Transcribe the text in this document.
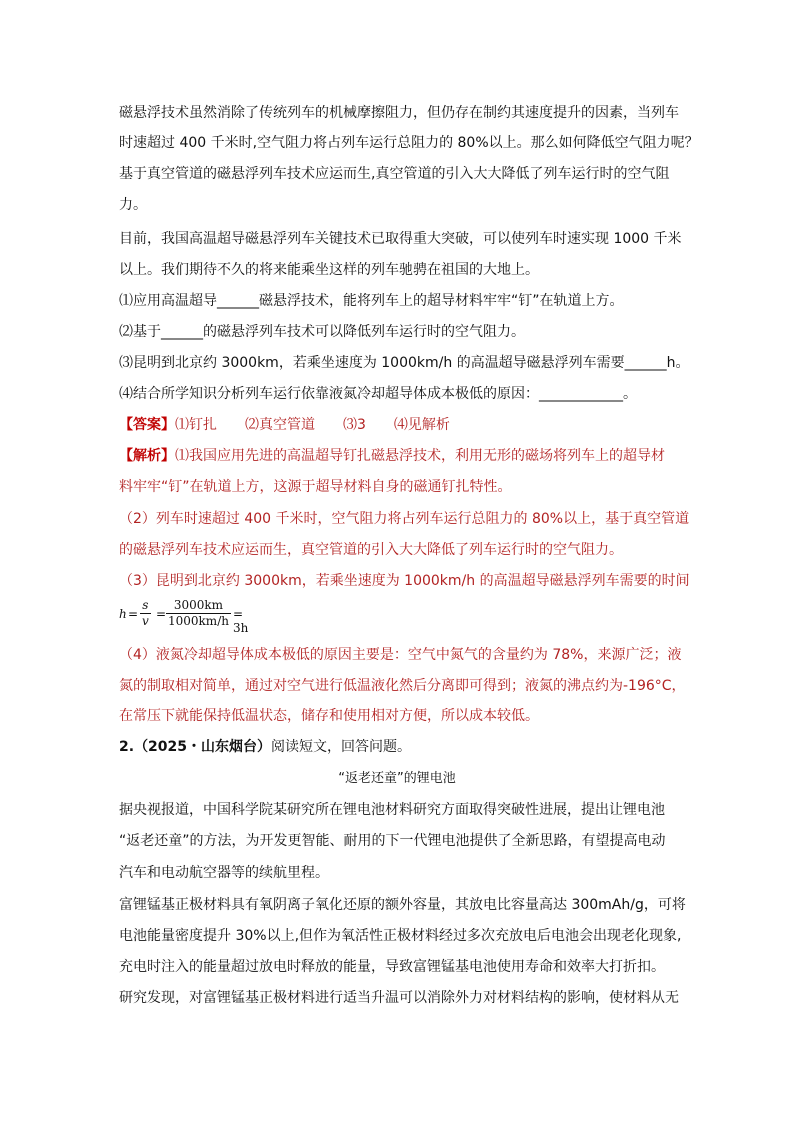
磁悬浮技术虽然消除了传统列车的机械摩擦阻力，但仍存在制约其速度提升的因素，当列车
时速超过 400 千米时,空气阻力将占列车运行总阻力的 80%以上。那么如何降低空气阻力呢？
基于真空管道的磁悬浮列车技术应运而生,真空管道的引入大大降低了列车运行时的空气阻
力。
目前，我国高温超导磁悬浮列车关键技术已取得重大突破，可以使列车时速实现 1000 千米
以上。我们期待不久的将来能乘坐这样的列车驰骋在祖国的大地上。
⑴应用高温超导______磁悬浮技术，能将列车上的超导材料牢牢“钉”在轨道上方。
⑵基于______的磁悬浮列车技术可以降低列车运行时的空气阻力。
⑶昆明到北京约 3000km，若乘坐速度为 1000km/h 的高温超导磁悬浮列车需要______h。
⑷结合所学知识分析列车运行依靠液氮冷却超导体成本极低的原因：____________。
【答案】⑴钉扎　　⑵真空管道　　⑶3　　⑷见解析
【解析】⑴我国应用先进的高温超导钉扎磁悬浮技术，利用无形的磁场将列车上的超导材
料牢牢“钉”在轨道上方，这源于超导材料自身的磁通钉扎特性。
（2）列车时速超过 400 千米时，空气阻力将占列车运行总阻力的 80%以上，基于真空管道
的磁悬浮列车技术应运而生，真空管道的引入大大降低了列车运行时的空气阻力。
（3）昆明到北京约 3000km，若乘坐速度为 1000km/h 的高温超导磁悬浮列车需要的时间
$h = \frac{s}{v} = \frac{3000km}{1000km/h} = 3h$
（4）液氮冷却超导体成本极低的原因主要是：空气中氮气的含量约为 78%，来源广泛；液
氮的制取相对简单，通过对空气进行低温液化然后分离即可得到；液氮的沸点约为-196°C，
在常压下就能保持低温状态，储存和使用相对方便，所以成本较低。
2.（2025・山东烟台）阅读短文，回答问题。
“返老还童”的锂电池
据央视报道，中国科学院某研究所在锂电池材料研究方面取得突破性进展，提出让锂电池
“返老还童”的方法，为开发更智能、耐用的下一代锂电池提供了全新思路，有望提高电动
汽车和电动航空器等的续航里程。
富锂锰基正极材料具有氧阴离子氧化还原的额外容量，其放电比容量高达 300mAh/g，可将
电池能量密度提升 30%以上,但作为氧活性正极材料经过多次充放电后电池会出现老化现象,
充电时注入的能量超过放电时释放的能量，导致富锂锰基电池使用寿命和效率大打折扣。
研究发现，对富锂锰基正极材料进行适当升温可以消除外力对材料结构的影响，使材料从无
